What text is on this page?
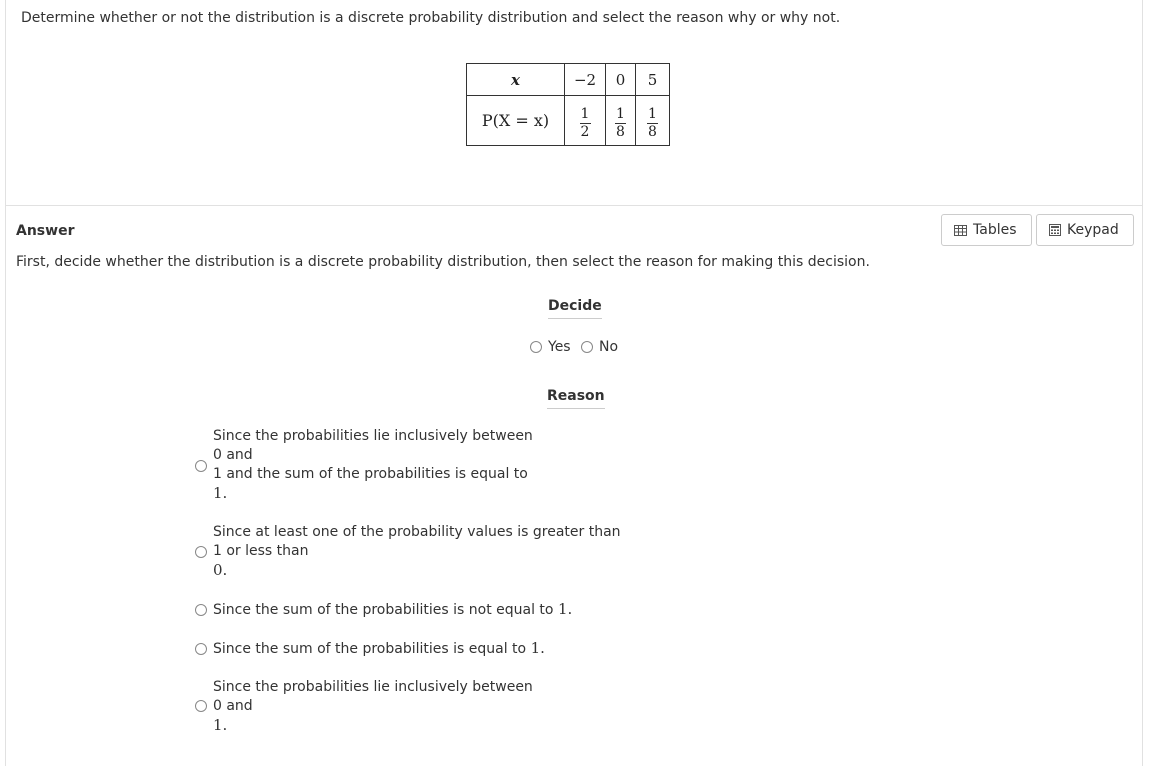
Determine whether or not the distribution is a discrete probability distribution and select the reason why or why not.
x	−2	0	5
P(X = x)	$\frac{1}{2}$	$\frac{1}{8}$	$\frac{1}{8}$
Answer
First, decide whether the distribution is a discrete probability distribution, then select the reason for making this decision.
Tables	Keypad
Decide
Yes No
Reason
Since the probabilities lie inclusively between
0 and
1 and the sum of the probabilities is equal to
1.
Since at least one of the probability values is greater than
1 or less than
0.
Since the sum of the probabilities is not equal to 1.
Since the sum of the probabilities is equal to 1.
Since the probabilities lie inclusively between
0 and
1.
